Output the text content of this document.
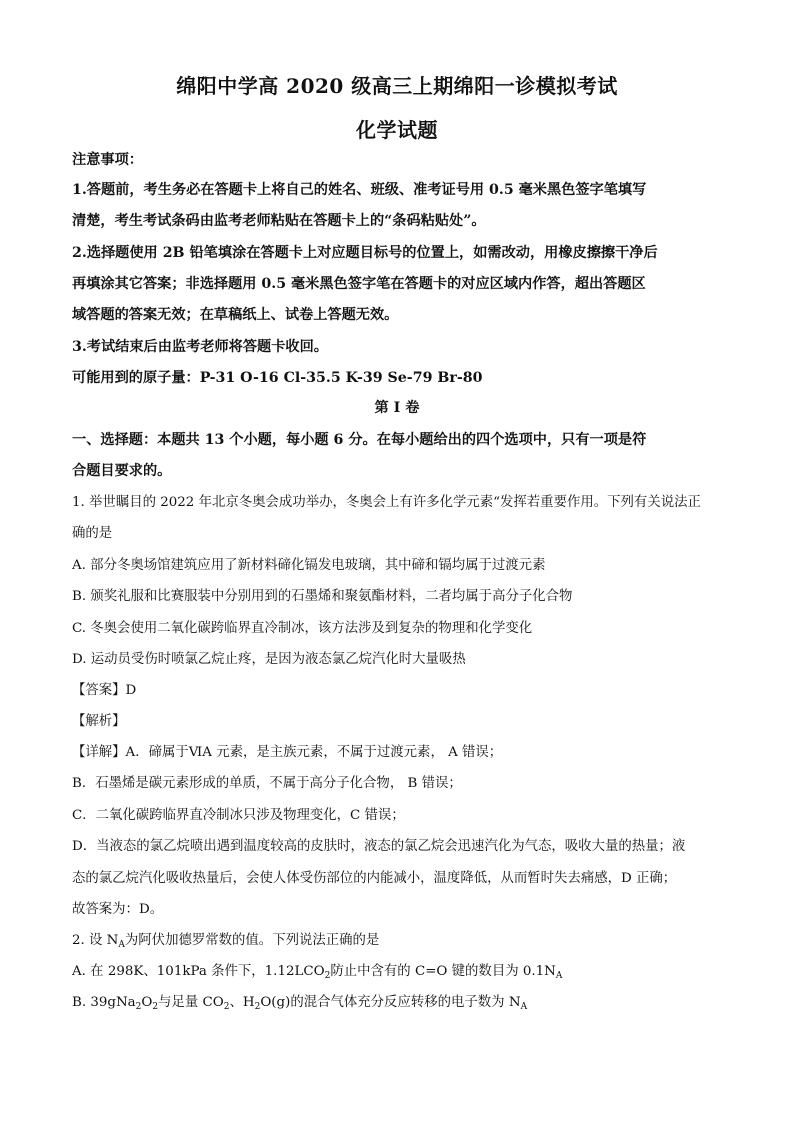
绵阳中学高 2020 级高三上期绵阳一诊模拟考试
化学试题
注意事项：
1.答题前，考生务必在答题卡上将自己的姓名、班级、准考证号用 0.5 毫米黑色签字笔填写
清楚，考生考试条码由监考老师粘贴在答题卡上的“条码粘贴处”。
2.选择题使用 2B 铅笔填涂在答题卡上对应题目标号的位置上，如需改动，用橡皮擦擦干净后
再填涂其它答案；非选择题用 0.5 毫米黑色签字笔在答题卡的对应区域内作答，超出答题区
域答题的答案无效；在草稿纸上、试卷上答题无效。
3.考试结束后由监考老师将答题卡收回。
可能用到的原子量：P-31 O-16 Cl-35.5 K-39 Se-79 Br-80
第 I 卷
一、选择题：本题共 13 个小题，每小题 6 分。在每小题给出的四个选项中，只有一项是符
合题目要求的。
1. 举世瞩目的 2022 年北京冬奥会成功举办，冬奥会上有许多化学元素“发挥若重要作用。下列有关说法正
确的是
A. 部分冬奥场馆建筑应用了新材料碲化镉发电玻璃，其中碲和镉均属于过渡元素
B. 颁奖礼服和比赛服装中分别用到的石墨烯和聚氨酯材料，二者均属于高分子化合物
C. 冬奥会使用二氧化碳跨临界直冷制冰，该方法涉及到复杂的物理和化学变化
D. 运动员受伤时喷氯乙烷止疼，是因为液态氯乙烷汽化时大量吸热
【答案】D
【解析】
【详解】A．碲属于ⅥA 元素，是主族元素，不属于过渡元素， A 错误；
B．石墨烯是碳元素形成的单质，不属于高分子化合物， B 错误；
C．二氧化碳跨临界直冷制冰只涉及物理变化，C 错误；
D．当液态的氯乙烷喷出遇到温度较高的皮肤时，液态的氯乙烷会迅速汽化为气态，吸收大量的热量；液
态的氯乙烷汽化吸收热量后，会使人体受伤部位的内能减小，温度降低，从而暂时失去痛感，D 正确；
故答案为：D。
2. 设 $N_A$为阿伏加德罗常数的值。下列说法正确的是
A. 在 298K、101kPa 条件下，$1.12LCO_2$防止中含有的 C=O 键的数目为 $0.1N_A$
B. $39gNa_2O_2$与足量 $CO_2$、$H_2O(g)$的混合气体充分反应转移的电子数为 $N_A$
